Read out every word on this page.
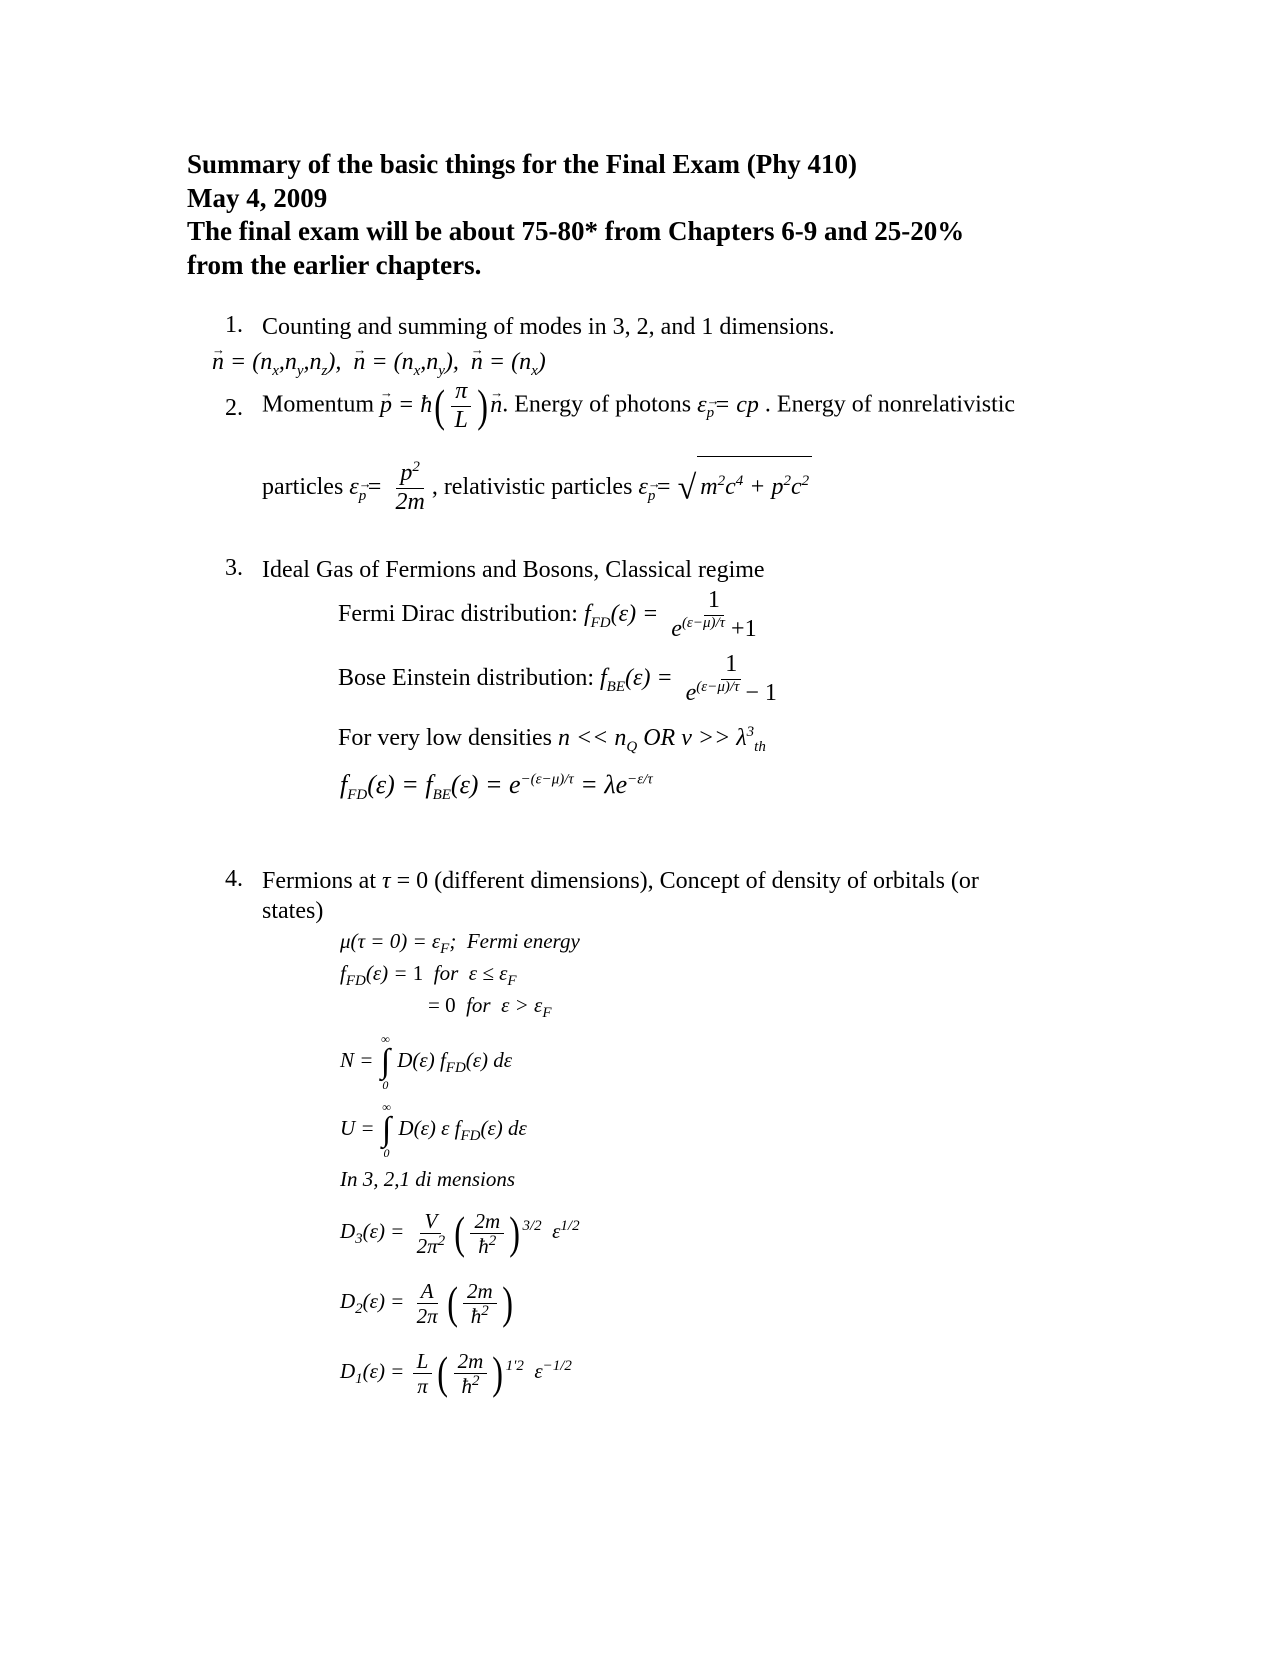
Summary of the basic things for the Final Exam (Phy 410)
May 4, 2009
The final exam will be about 75-80* from Chapters 6-9 and 25-20%
from the earlier chapters.
1. Counting and summing of modes in 3, 2, and 1 dimensions.
→ $n = (n_x,n_y,n_z)$,  → $n = (n_x,n_y)$,  → $n = (n_x)$
2. Momentum → p = ħ( $\frac{\pi}{L}$ )→ n. Energy of photons $\varepsilon_p=$ cp . Energy of nonrelativistic
particles $\varepsilon_p= \frac{p^2}{2m}$ , relativistic particles $\varepsilon_p=$ √ $m^2c^4 + p^2c^2$
3. Ideal Gas of Fermions and Bosons, Classical regime
Fermi Dirac distribution: $f_{FD}(\varepsilon) = \frac{1}{e^{(\varepsilon-\mu)/\tau} +1}$
Bose Einstein distribution: $f_{BE}(\varepsilon) = \frac{1}{e^{(\varepsilon-\mu)/\tau} - 1}$
For very low densities $n << n_Q$ OR $v >> \lambda^3_{th}$
$f_{FD}(\varepsilon) = f_{BE}(\varepsilon) = e^{-(\varepsilon-\mu)/\tau} = \lambda e^{-\varepsilon/\tau}$
4. Fermions at τ = 0 (different dimensions), Concept of density of orbitals (or
states)
$\mu(\tau = 0) = \varepsilon_F$;  Fermi energy
$f_{FD}(\varepsilon) = 1$ for  $\varepsilon \le \varepsilon_F$
= 0 for  $\varepsilon > \varepsilon_F$
N =
∞
∫
0
D(ε) $f_{FD}(\varepsilon)$ dε
U =
∞
∫
0
D(ε) ε $f_{FD}(\varepsilon)$ dε
In 3, 2,1 di mensions
$D_3(\varepsilon) = \frac{V}{2\pi^2}$ ( $\frac{2m}{ħ^2}$ ) $^{3/2}$  $\varepsilon^{1/2}$
$D_2(\varepsilon) = \frac{A}{2\pi}$ ( $\frac{2m}{ħ^2}$ )
$D_1(\varepsilon) = \frac{L}{\pi}$ ( $\frac{2m}{ħ^2}$ ) $^{1'2}$  $\varepsilon^{-1/2}$
